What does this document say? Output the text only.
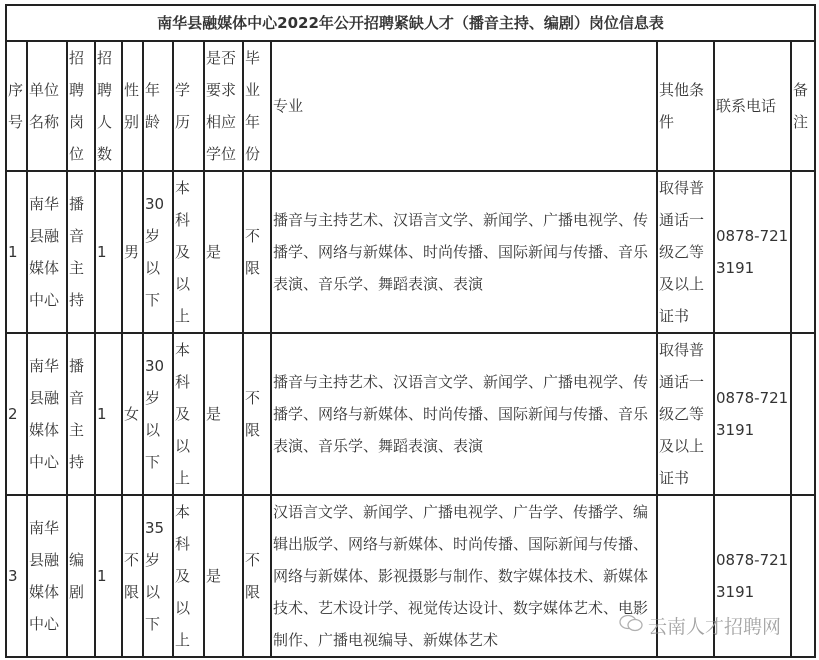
南华县融媒体中心2022年公开招聘紧缺人才（播音主持、编剧）岗位信息表												
序号	单位名称	招聘岗位	招聘人数	性别	年龄	学历	是否要求相应学位	毕业年份	专业	其他条件	联系电话	备注
1	南华县融媒体中心	播音主持	1	男	30岁以下	本科及以上	是	不限	播音与主持艺术、汉语言文学、新闻学、广播电视学、传播学、网络与新媒体、时尚传播、国际新闻与传播、音乐表演、音乐学、舞蹈表演、表演	取得普通话一级乙等及以上证书	0878-7213191	
2	南华县融媒体中心	播音主持	1	女	30岁以下	本科及以上	是	不限	播音与主持艺术、汉语言文学、新闻学、广播电视学、传播学、网络与新媒体、时尚传播、国际新闻与传播、音乐表演、音乐学、舞蹈表演、表演	取得普通话一级乙等及以上证书	0878-7213191	
3	南华县融媒体中心	编剧	1	不限	35岁以下	本科及以上	是	不限	汉语言文学、新闻学、广播电视学、广告学、传播学、编辑出版学、网络与新媒体、时尚传播、国际新闻与传播、网络与新媒体、影视摄影与制作、数字媒体技术、新媒体技术、艺术设计学、视觉传达设计、数字媒体艺术、电影制作、广播电视编导、新媒体艺术		0878-7213191	
云南人才招聘网
